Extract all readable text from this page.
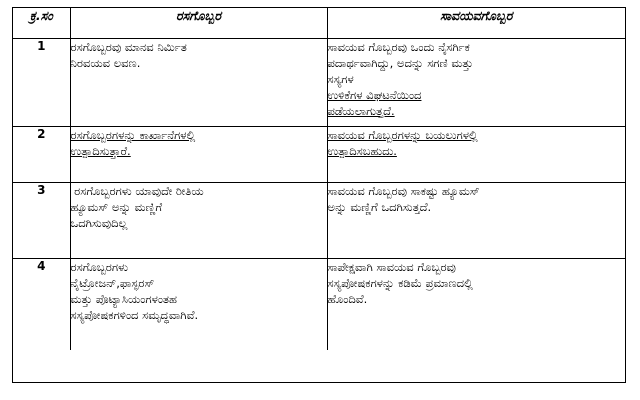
ಕ್ರ.ಸಂ	ರಸಗೊಬ್ಬರ	ಸಾವಯವಗೊಬ್ಬರ
1	ರಸಗೊಬ್ಬರವು ಮಾನವ ನಿರ್ಮಿತ
ನಿರವಯವ ಲವಣ.	ಸಾವಯವ ಗೊಬ್ಬರವು ಒಂದು ನೈಸರ್ಗಿಕ
ಪದಾರ್ಥವಾಗಿದ್ದು, ಅದನ್ನು ಸಗಣಿ ಮತ್ತು
ಸಸ್ಯಗಳ
ಉಳಿಕೆಗಳ ವಿಘಟನೆಯಿಂದ
ಪಡೆಯಲಾಗುತ್ತದೆ.

2	ರಸಗೊಬ್ಬರಗಳನ್ನು ಕಾರ್ಖಾನೆಗಳಲ್ಲಿ
ಉತ್ಪಾದಿಸುತ್ತಾರೆ.	ಸಾವಯವ ಗೊಬ್ಬರಗಳನ್ನು ಬಯಲುಗಳಲ್ಲಿ
ಉತ್ಪಾದಿಸಬಹುದು.

3	ರಸಗೊಬ್ಬರಗಳು ಯಾವುದೇ ರೀತಿಯ
ಹ್ಯೂಮಸ್ ಅನ್ನು ಮಣ್ಣಿಗೆ
ಒದಗಿಸುವುದಿಲ್ಲ	ಸಾವಯವ ಗೊಬ್ಬರವು ಸಾಕಷ್ಟು ಹ್ಯೂಮಸ್
ಅನ್ನು ಮಣ್ಣಿಗೆ ಒದಗಿಸುತ್ತದೆ.

4	ರಸಗೊಬ್ಬರಗಳು
ನೈಟ್ರೋಜನ್,ಫಾಸ್ಫರಸ್
ಮತ್ತು ಪೊಟ್ಯಾಸಿಯಂಗಳಂತಹ
ಸಸ್ಯಪೋಷಕಗಳಿಂದ ಸಮೃದ್ಧವಾಗಿವೆ.	ಸಾಪೇಕ್ಷವಾಗಿ ಸಾವಯವ ಗೊಬ್ಬರವು
ಸಸ್ಯಪೋಷಕಗಳನ್ನು ಕಡಿಮೆ ಪ್ರಮಾಣದಲ್ಲಿ
ಹೊಂದಿವೆ.
